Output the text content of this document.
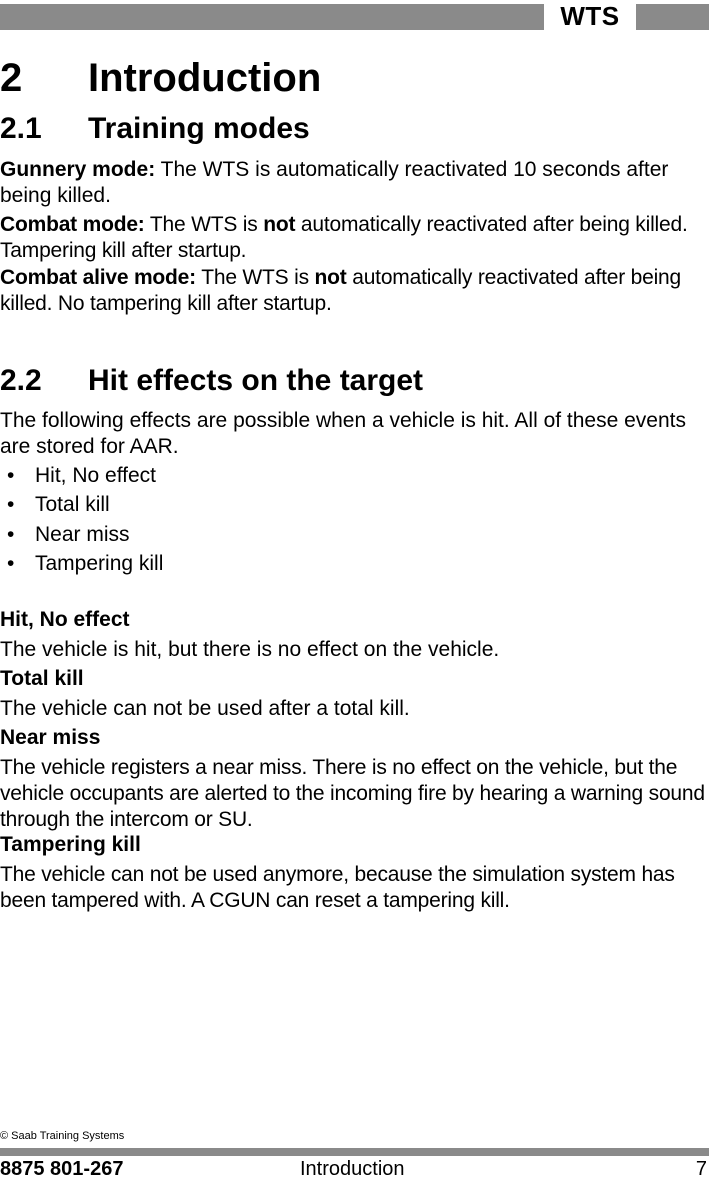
WTS
2 Introduction
2.1 Training modes

Gunnery mode: The WTS is automatically reactivated 10 seconds after being killed.

Combat mode: The WTS is not automatically reactivated after being killed. Tampering kill after startup.

Combat alive mode: The WTS is not automatically reactivated after being killed. No tampering kill after startup.

2.2 Hit effects on the target

The following effects are possible when a vehicle is hit. All of these events are stored for AAR.

• Hit, No effect
• Total kill
• Near miss
• Tampering kill
Hit, No effect

The vehicle is hit, but there is no effect on the vehicle.

Total kill

The vehicle can not be used after a total kill.

Near miss

The vehicle registers a near miss. There is no effect on the vehicle, but the vehicle occupants are alerted to the incoming fire by hearing a warning sound through the intercom or SU.

Tampering kill

The vehicle can not be used anymore, because the simulation system has been tampered with. A CGUN can reset a tampering kill.

© Saab Training Systems
8875 801-267	Introduction	7
